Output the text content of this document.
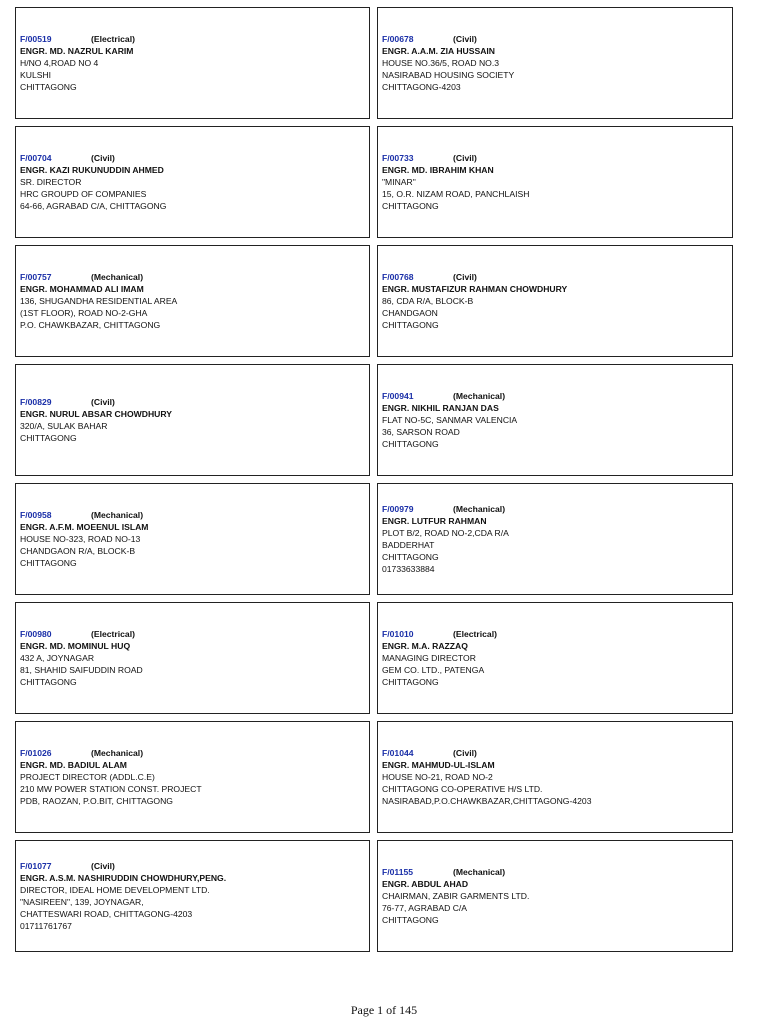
F/00519	(Electrical)
ENGR. MD. NAZRUL KARIM
H/NO 4,ROAD NO 4
KULSHI
CHITTAGONG
F/00678	(Civil)
ENGR. A.A.M. ZIA HUSSAIN
HOUSE NO.36/5, ROAD NO.3
NASIRABAD HOUSING SOCIETY
CHITTAGONG-4203
F/00704	(Civil)
ENGR. KAZI RUKUNUDDIN AHMED
SR. DIRECTOR
HRC GROUPD OF COMPANIES
64-66, AGRABAD C/A, CHITTAGONG
F/00733	(Civil)
ENGR. MD. IBRAHIM KHAN
"MINAR"
15, O.R. NIZAM ROAD, PANCHLAISH
CHITTAGONG
F/00757	(Mechanical)
ENGR. MOHAMMAD ALI IMAM
136, SHUGANDHA RESIDENTIAL AREA
(1ST FLOOR), ROAD NO-2-GHA
P.O. CHAWKBAZAR, CHITTAGONG
F/00768	(Civil)
ENGR. MUSTAFIZUR RAHMAN CHOWDHURY
86, CDA R/A, BLOCK-B
CHANDGAON
CHITTAGONG
F/00829	(Civil)
ENGR. NURUL ABSAR CHOWDHURY
320/A, SULAK BAHAR
CHITTAGONG
F/00941	(Mechanical)
ENGR. NIKHIL RANJAN DAS
FLAT NO-5C, SANMAR VALENCIA
36, SARSON ROAD
CHITTAGONG
F/00958	(Mechanical)
ENGR. A.F.M. MOEENUL ISLAM
HOUSE NO-323, ROAD NO-13
CHANDGAON R/A, BLOCK-B
CHITTAGONG
F/00979	(Mechanical)
ENGR. LUTFUR RAHMAN
PLOT B/2, ROAD NO-2,CDA R/A
BADDERHAT
CHITTAGONG
01733633884
F/00980	(Electrical)
ENGR. MD. MOMINUL HUQ
432 A, JOYNAGAR
81, SHAHID SAIFUDDIN ROAD
CHITTAGONG
F/01010	(Electrical)
ENGR. M.A. RAZZAQ
MANAGING DIRECTOR
GEM CO. LTD., PATENGA
CHITTAGONG
F/01026	(Mechanical)
ENGR. MD. BADIUL ALAM
PROJECT DIRECTOR (ADDL.C.E)
210 MW POWER STATION CONST. PROJECT
PDB, RAOZAN, P.O.BIT, CHITTAGONG
F/01044	(Civil)
ENGR. MAHMUD-UL-ISLAM
HOUSE NO-21, ROAD NO-2
CHITTAGONG CO-OPERATIVE H/S LTD.
NASIRABAD,P.O.CHAWKBAZAR,CHITTAGONG-4203
F/01077	(Civil)
ENGR. A.S.M. NASHIRUDDIN CHOWDHURY,PENG.
DIRECTOR, IDEAL HOME DEVELOPMENT LTD.
"NASIREEN", 139, JOYNAGAR,
CHATTESWARI ROAD, CHITTAGONG-4203
01711761767
F/01155	(Mechanical)
ENGR. ABDUL AHAD
CHAIRMAN, ZABIR GARMENTS LTD.
76-77, AGRABAD C/A
CHITTAGONG
Page 1 of 145
